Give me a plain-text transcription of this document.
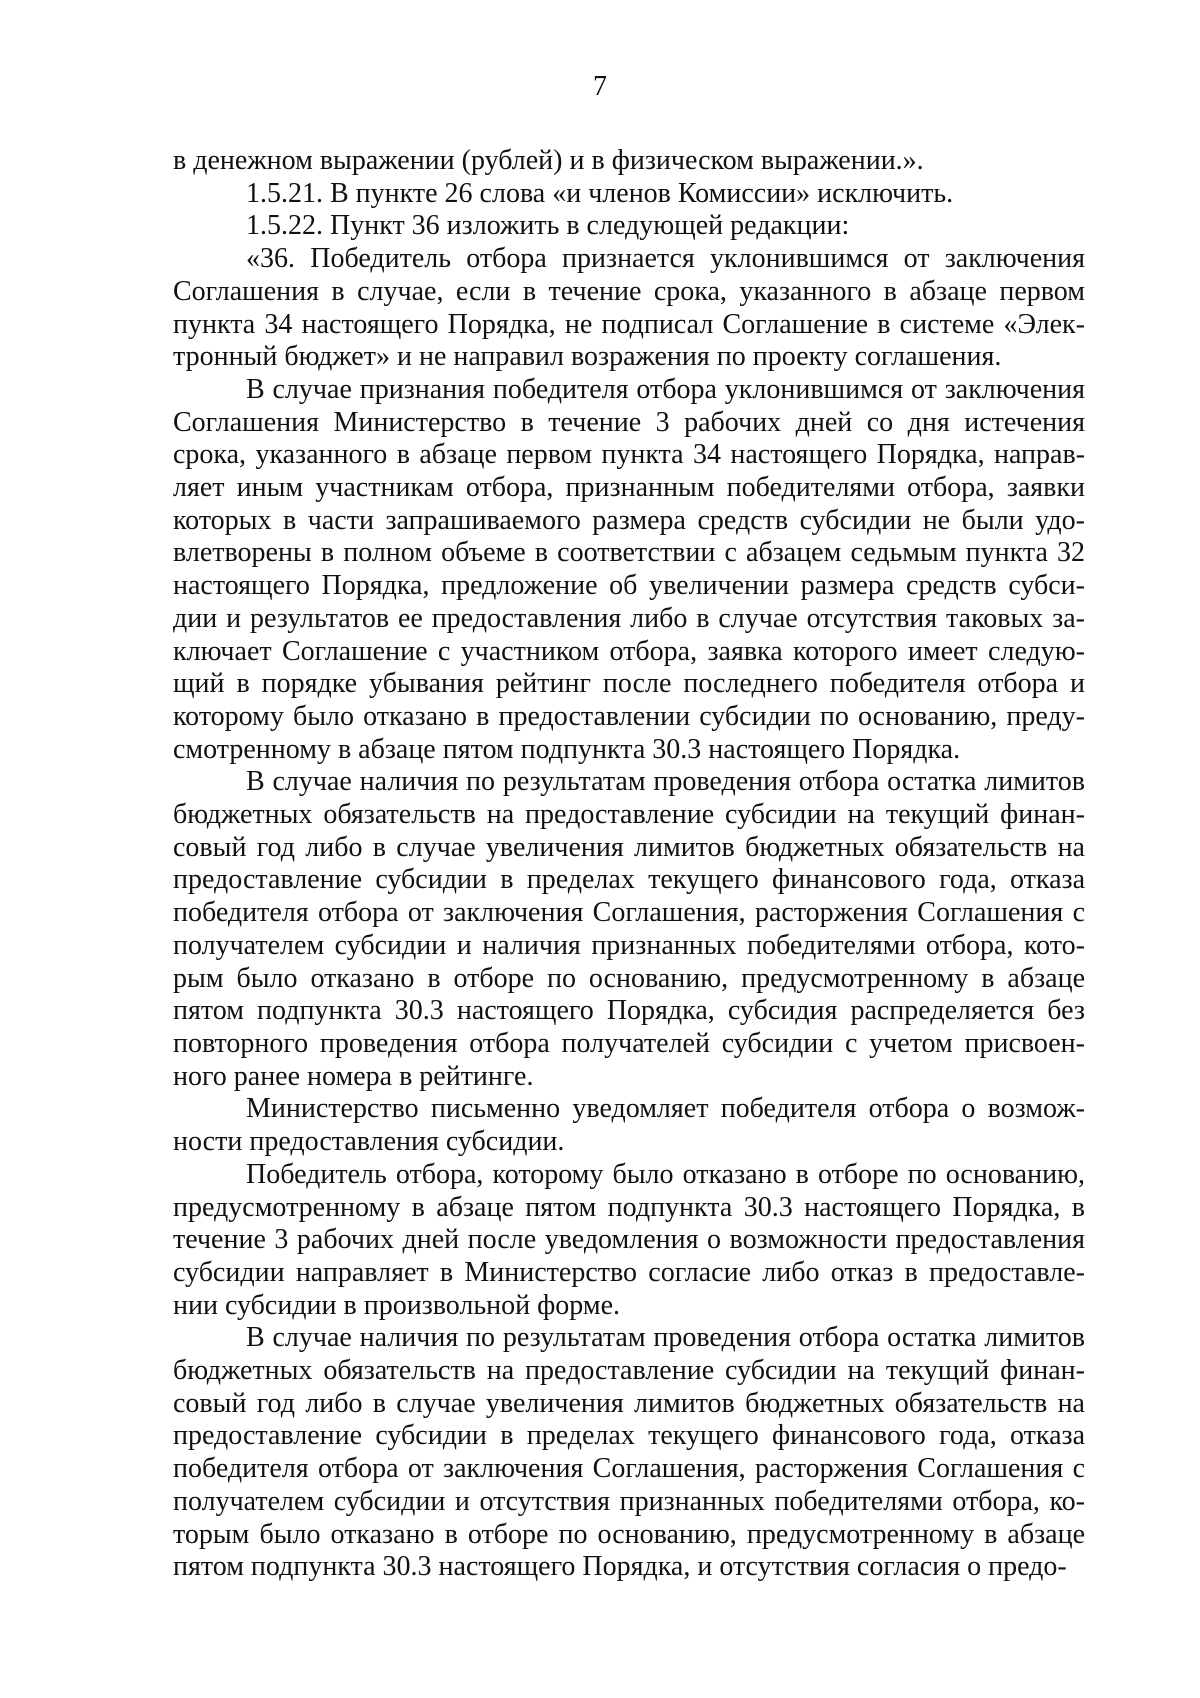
7

в денежном выражении (рублей) и в физическом выражении.».

1.5.21. В пункте 26 слова «и членов Комиссии» исключить.

1.5.22. Пункт 36 изложить в следующей редакции:

«36. Победитель отбора признается уклонившимся от заключения Соглашения в случае, если в течение срока, указанного в абзаце первом пункта 34 настоящего Порядка, не подписал Соглашение в системе «Электронный бюджет» и не направил возражения по проекту соглашения.

В случае признания победителя отбора уклонившимся от заключения Соглашения Министерство в течение 3 рабочих дней со дня истечения срока, указанного в абзаце первом пункта 34 настоящего Порядка, направляет иным участникам отбора, признанным победителями отбора, заявки которых в части запрашиваемого размера средств субсидии не были удовлетворены в полном объеме в соответствии с абзацем седьмым пункта 32 настоящего Порядка, предложение об увеличении размера средств субсидии и результатов ее предоставления либо в случае отсутствия таковых заключает Соглашение с участником отбора, заявка которого имеет следующий в порядке убывания рейтинг после последнего победителя отбора и которому было отказано в предоставлении субсидии по основанию, предусмотренному в абзаце пятом подпункта 30.3 настоящего Порядка.

В случае наличия по результатам проведения отбора остатка лимитов бюджетных обязательств на предоставление субсидии на текущий финансовый год либо в случае увеличения лимитов бюджетных обязательств на предоставление субсидии в пределах текущего финансового года, отказа победителя отбора от заключения Соглашения, расторжения Соглашения с получателем субсидии и наличия признанных победителями отбора, которым было отказано в отборе по основанию, предусмотренному в абзаце пятом подпункта 30.3 настоящего Порядка, субсидия распределяется без повторного проведения отбора получателей субсидии с учетом присвоенного ранее номера в рейтинге.

Министерство письменно уведомляет победителя отбора о возможности предоставления субсидии.

Победитель отбора, которому было отказано в отборе по основанию, предусмотренному в абзаце пятом подпункта 30.3 настоящего Порядка, в течение 3 рабочих дней после уведомления о возможности предоставления субсидии направляет в Министерство согласие либо отказ в предоставлении субсидии в произвольной форме.

В случае наличия по результатам проведения отбора остатка лимитов бюджетных обязательств на предоставление субсидии на текущий финансовый год либо в случае увеличения лимитов бюджетных обязательств на предоставление субсидии в пределах текущего финансового года, отказа победителя отбора от заключения Соглашения, расторжения Соглашения с получателем субсидии и отсутствия признанных победителями отбора, которым было отказано в отборе по основанию, предусмотренному в абзаце пятом подпункта 30.3 настоящего Порядка, и отсутствия согласия о предо-
